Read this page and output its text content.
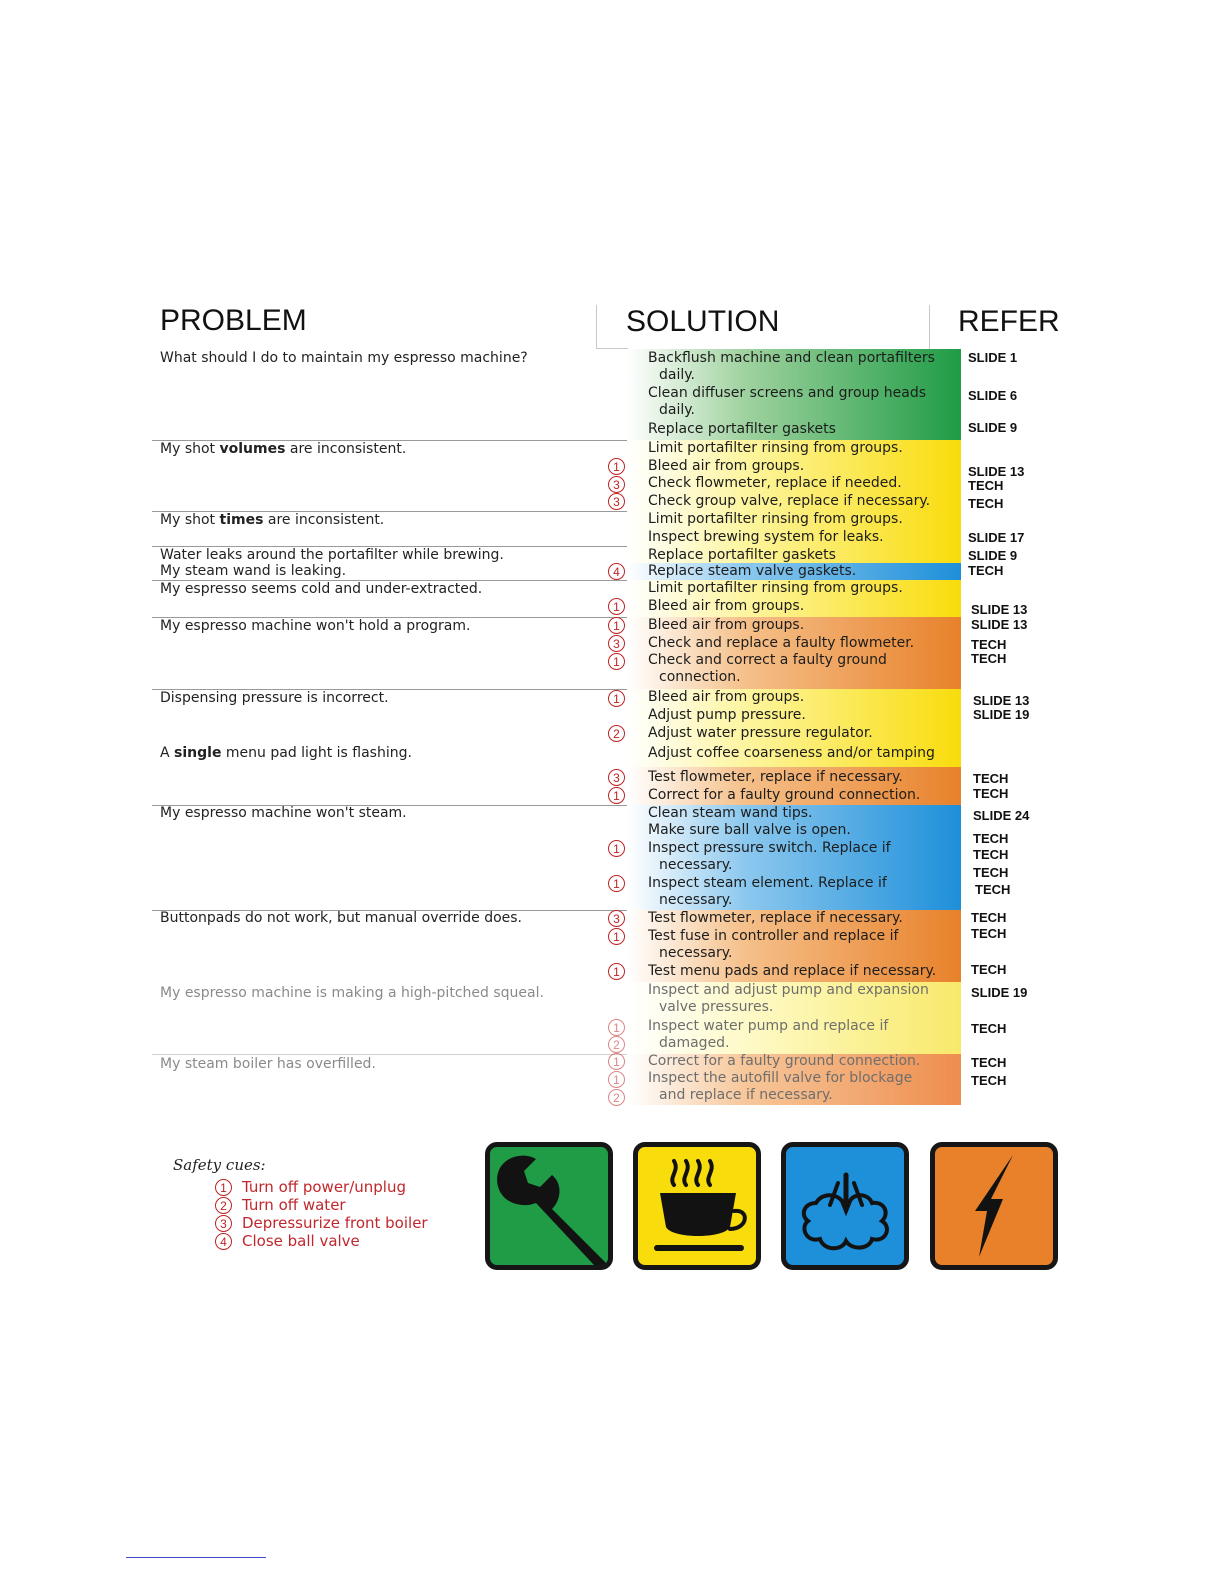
PROBLEM	SOLUTION	REFER
What should I do to maintain my espresso machine?
My shot volumes are inconsistent.
My shot times are inconsistent.
Water leaks around the portafilter while brewing.
My steam wand is leaking.
My espresso seems cold and under-extracted.
My espresso machine won't hold a program.
Dispensing pressure is incorrect.
A single menu pad light is flashing.
My espresso machine won't steam.
Buttonpads do not work, but manual override does.
My espresso machine is making a high-pitched squeal.
My steam boiler has overfilled.
Backflush machine and clean portafilters
daily.
Clean diffuser screens and group heads
daily.
Replace portafilter gaskets
Limit portafilter rinsing from groups.
Bleed air from groups.
Check flowmeter, replace if needed.
Check group valve, replace if necessary.
Limit portafilter rinsing from groups.
Inspect brewing system for leaks.
Replace portafilter gaskets
Replace steam valve gaskets.
Limit portafilter rinsing from groups.
Bleed air from groups.
Bleed air from groups.
Check and replace a faulty flowmeter.
Check and correct a faulty ground
connection.
Bleed air from groups.
Adjust pump pressure.
Adjust water pressure regulator.
Adjust coffee coarseness and/or tamping
Test flowmeter, replace if necessary.
Correct for a faulty ground connection.
Clean steam wand tips.
Make sure ball valve is open.
Inspect pressure switch. Replace if
necessary.
Inspect steam element. Replace if
necessary.
Test flowmeter, replace if necessary.
Test fuse in controller and replace if
necessary.
Test menu pads and replace if necessary.
Inspect and adjust pump and expansion
valve pressures.
Inspect water pump and replace if
damaged.
Correct for a faulty ground connection.
Inspect the autofill valve for blockage
and replace if necessary.
1
3
3
4
1
1
3
1
1
2
3
1
1
1
3
1
1
1
2
1
1
2
SLIDE 1
SLIDE 6
SLIDE 9
SLIDE 13
TECH
TECH
SLIDE 17
SLIDE 9
TECH
SLIDE 13
SLIDE 13
TECH
TECH
SLIDE 13
SLIDE 19
TECH
TECH
SLIDE 24
TECH
TECH
TECH
TECH
TECH
TECH
TECH
SLIDE 19
TECH
TECH
TECH
Safety cues:
1 Turn off power/unplug
2 Turn off water
3 Depressurize front boiler
4 Close ball valve
